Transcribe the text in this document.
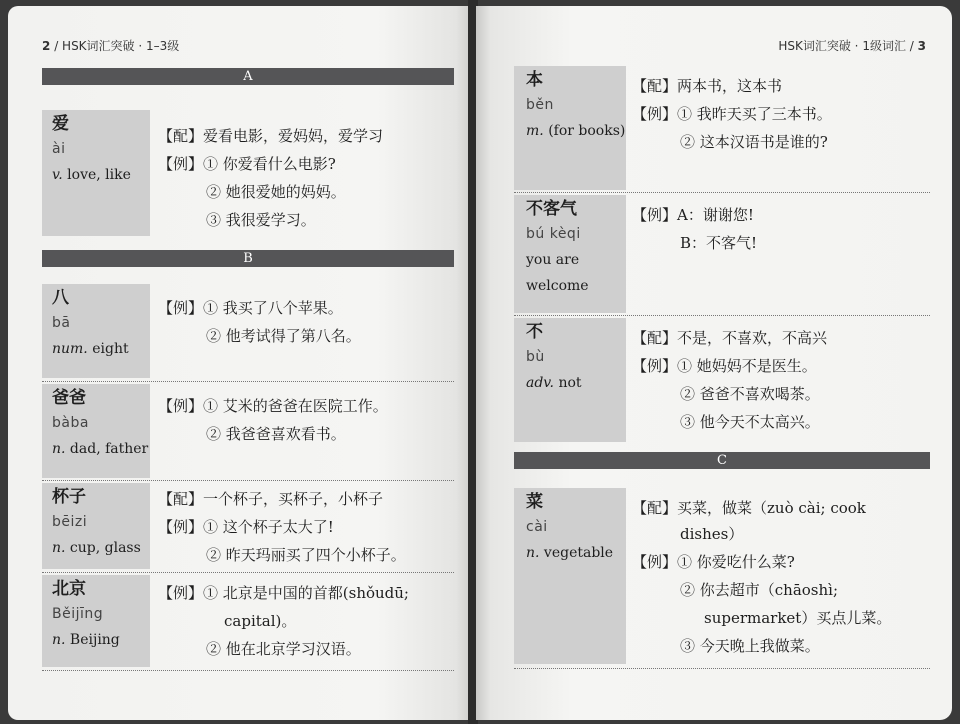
2 / HSK词汇突破 · 1–3级
A
爱
ài
v. love, like
【配】爱看电影，爱妈妈，爱学习
【例】① 你爱看什么电影?
② 她很爱她的妈妈。
③ 我很爱学习。
B
八
bā
num. eight
【例】① 我买了八个苹果。
② 他考试得了第八名。
爸爸
bàba
n. dad, father
【例】① 艾米的爸爸在医院工作。
② 我爸爸喜欢看书。
杯子
bēizi
n. cup, glass
【配】一个杯子，买杯子，小杯子
【例】① 这个杯子太大了!
② 昨天玛丽买了四个小杯子。
北京
Běijīng
n. Beijing
【例】① 北京是中国的首都(shǒudū;
capital)。
② 他在北京学习汉语。
HSK词汇突破 · 1级词汇 / 3
本
běn
m. (for books)
【配】两本书，这本书
【例】① 我昨天买了三本书。
② 这本汉语书是谁的?
不客气
bú kèqi
you are welcome
【例】A：谢谢您!
B：不客气!
不
bù
adv. not
【配】不是，不喜欢，不高兴
【例】① 她妈妈不是医生。
② 爸爸不喜欢喝茶。
③ 他今天不太高兴。
C
菜
cài
n. vegetable
【配】买菜，做菜（zuò cài; cook
dishes）
【例】① 你爱吃什么菜?
② 你去超市（chāoshì;
supermarket）买点儿菜。
③ 今天晚上我做菜。
